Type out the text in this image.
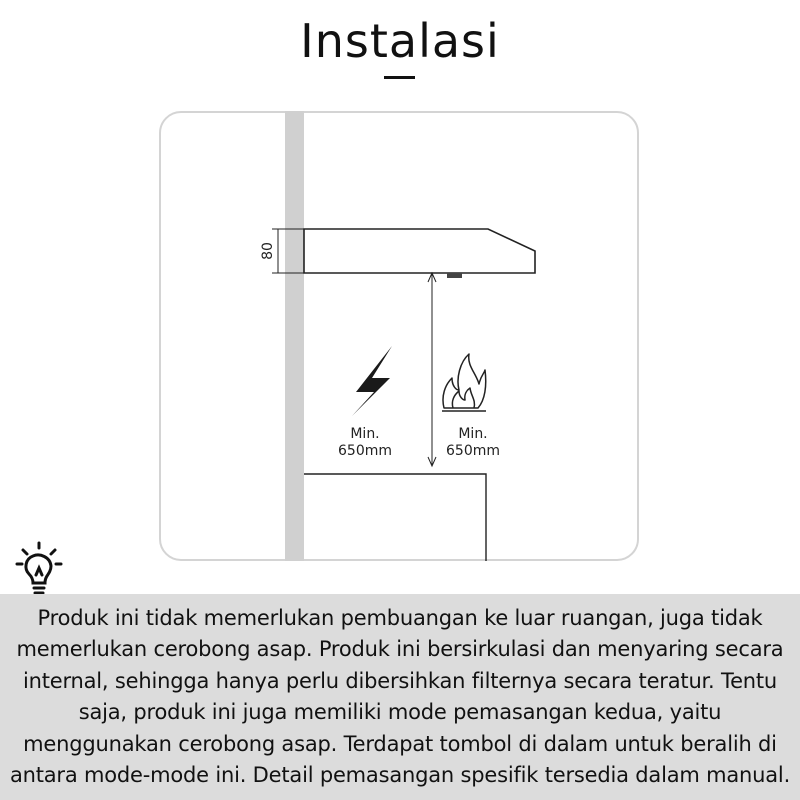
Instalasi
80
Min.
650mm
Min.
650mm

Produk ini tidak memerlukan pembuangan ke luar ruangan, juga tidak memerlukan cerobong asap. Produk ini bersirkulasi dan menyaring secara internal, sehingga hanya perlu dibersihkan filternya secara teratur. Tentu saja, produk ini juga memiliki mode pemasangan kedua, yaitu menggunakan cerobong asap. Terdapat tombol di dalam untuk beralih di antara mode-mode ini. Detail pemasangan spesifik tersedia dalam manual.
